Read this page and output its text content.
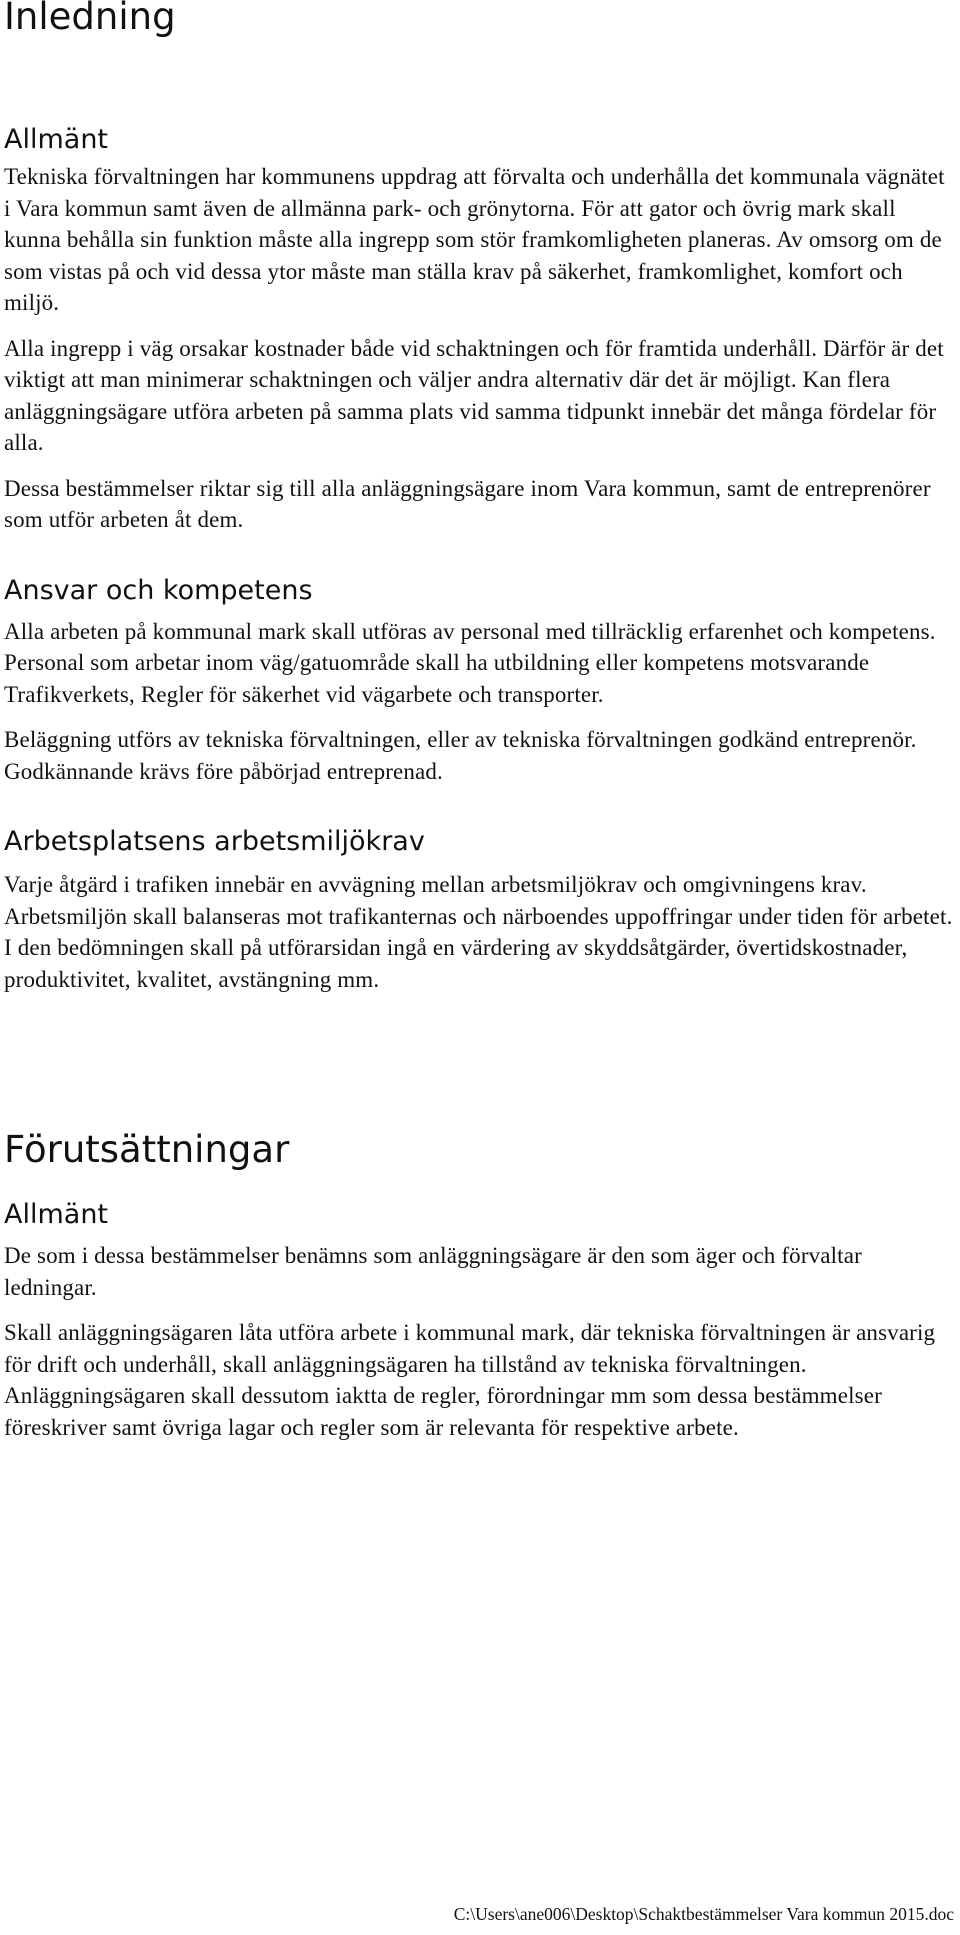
Inledning
Allmänt

Tekniska förvaltningen har kommunens uppdrag att förvalta och underhålla det kommunala vägnätet i Vara kommun samt även de allmänna park- och grönytorna. För att gator och övrig mark skall kunna behålla sin funktion måste alla ingrepp som stör framkomligheten planeras. Av omsorg om de som vistas på och vid dessa ytor måste man ställa krav på säkerhet, framkomlighet, komfort och miljö.

Alla ingrepp i väg orsakar kostnader både vid schaktningen och för framtida underhåll. Därför är det viktigt att man minimerar schaktningen och väljer andra alternativ där det är möjligt. Kan flera anläggningsägare utföra arbeten på samma plats vid samma tidpunkt innebär det många fördelar för alla.

Dessa bestämmelser riktar sig till alla anläggningsägare inom Vara kommun, samt de entreprenörer som utför arbeten åt dem.

Ansvar och kompetens

Alla arbeten på kommunal mark skall utföras av personal med tillräcklig erfarenhet och kompetens. Personal som arbetar inom väg/gatuområde skall ha utbildning eller kompetens motsvarande Trafikverkets, Regler för säkerhet vid vägarbete och transporter.

Beläggning utförs av tekniska förvaltningen, eller av tekniska förvaltningen godkänd entreprenör. Godkännande krävs före påbörjad entreprenad.

Arbetsplatsens arbetsmiljökrav

Varje åtgärd i trafiken innebär en avvägning mellan arbetsmiljökrav och omgivningens krav. Arbetsmiljön skall balanseras mot trafikanternas och närboendes uppoffringar under tiden för arbetet. I den bedömningen skall på utförarsidan ingå en värdering av skyddsåtgärder, övertidskostnader, produktivitet, kvalitet, avstängning mm.

Förutsättningar
Allmänt

De som i dessa bestämmelser benämns som anläggningsägare är den som äger och förvaltar ledningar.

Skall anläggningsägaren låta utföra arbete i kommunal mark, där tekniska förvaltningen är ansvarig för drift och underhåll, skall anläggningsägaren ha tillstånd av tekniska förvaltningen. Anläggningsägaren skall dessutom iaktta de regler, förordningar mm som dessa bestämmelser föreskriver samt övriga lagar och regler som är relevanta för respektive arbete.

C:\Users\ane006\Desktop\Schaktbestämmelser Vara kommun 2015.doc
